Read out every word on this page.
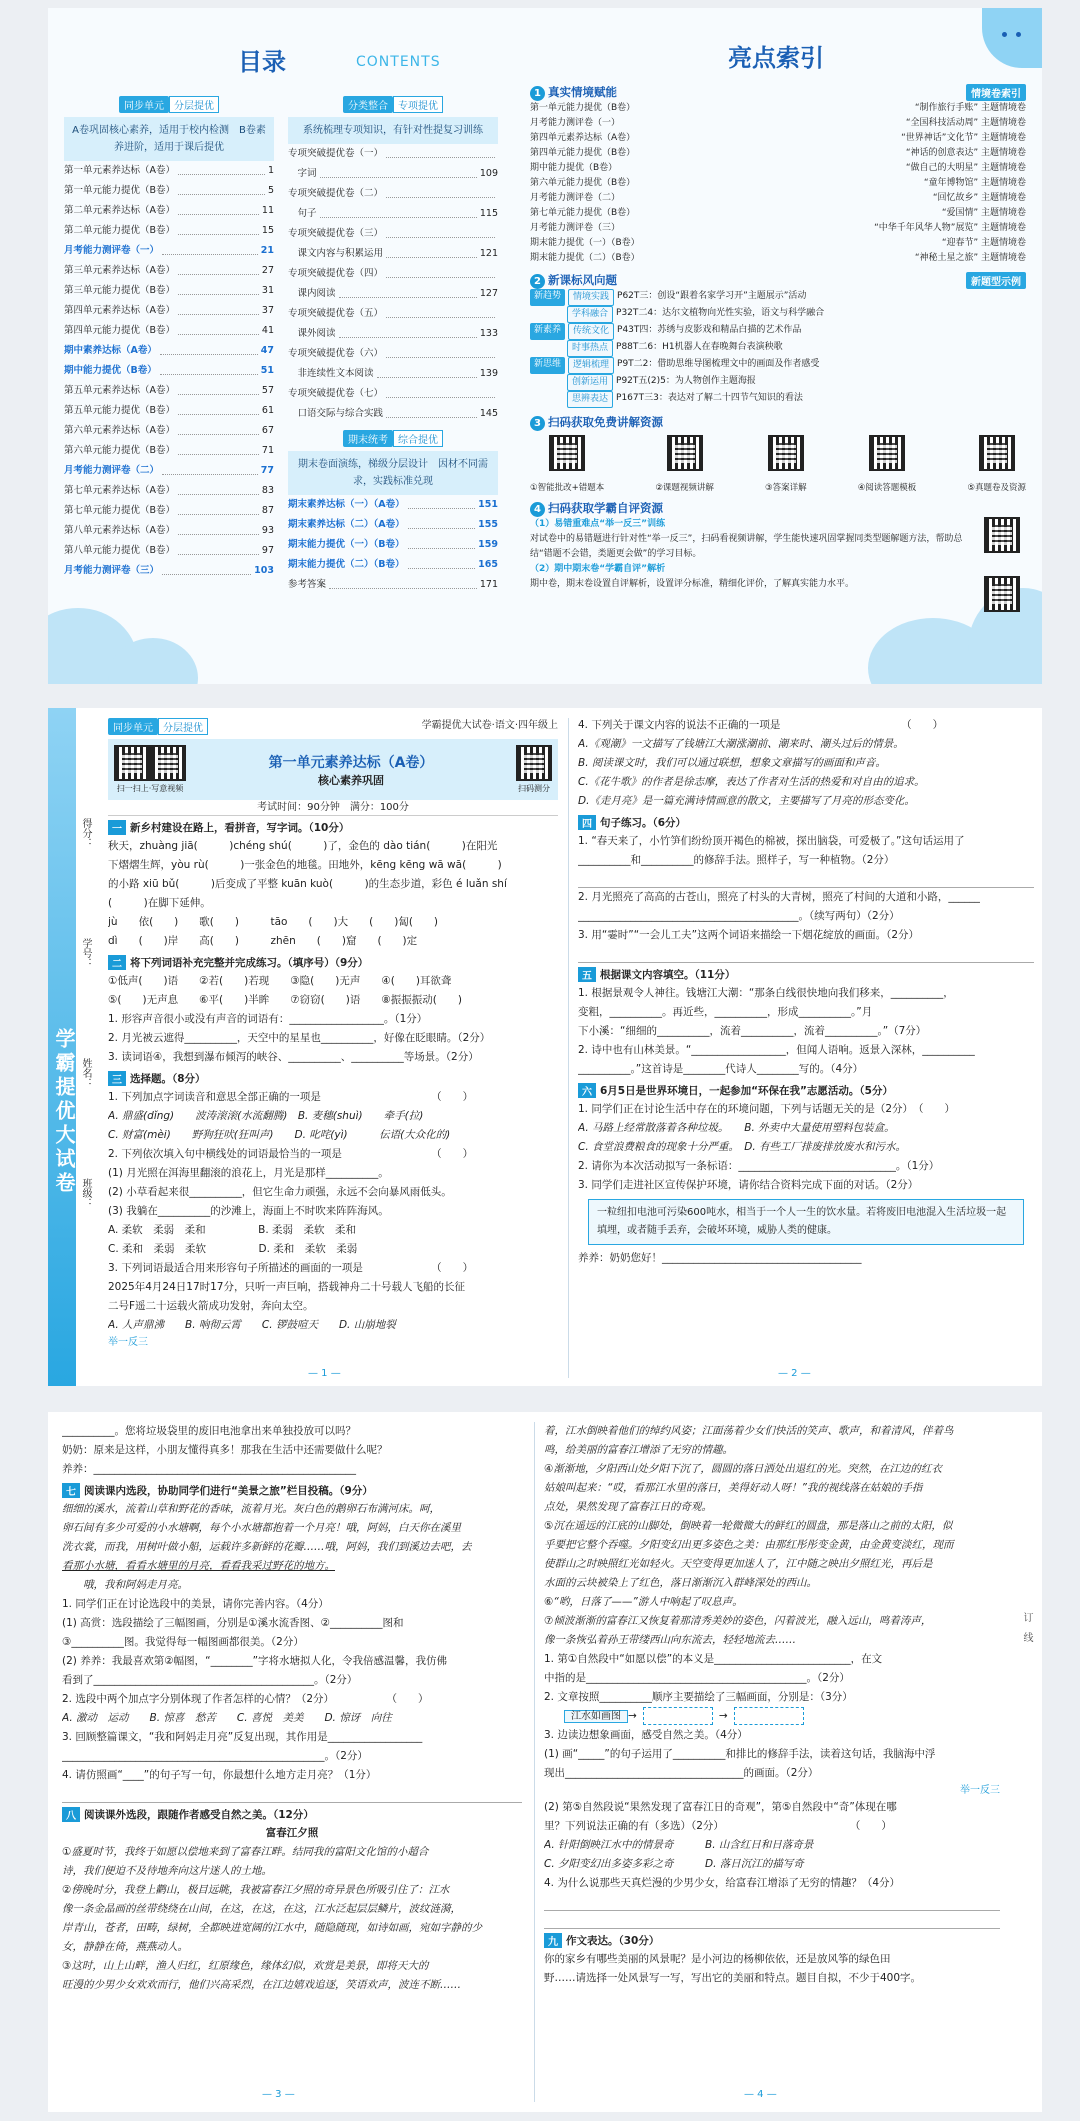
目录	CONTENTS	亮点索引
同步单元 分层提优
A卷巩固核心素养，适用于校内检测　B卷素养进阶，适用于课后提优
第一单元素养达标（A卷）	1
第一单元能力提优（B卷）	5
第二单元素养达标（A卷）	11
第二单元能力提优（B卷）	15
月考能力测评卷（一）	21
第三单元素养达标（A卷）	27
第三单元能力提优（B卷）	31
第四单元素养达标（A卷）	37
第四单元能力提优（B卷）	41
期中素养达标（A卷）	47
期中能力提优（B卷）	51
第五单元素养达标（A卷）	57
第五单元能力提优（B卷）	61
第六单元素养达标（A卷）	67
第六单元能力提优（B卷）	71
月考能力测评卷（二）	77
第七单元素养达标（A卷）	83
第七单元能力提优（B卷）	87
第八单元素养达标（A卷）	93
第八单元能力提优（B卷）	97
月考能力测评卷（三）	103
分类整合 专项提优
系统梳理专项知识，有针对性提复习训练
专项突破提优卷（一）
　字词	109
专项突破提优卷（二）
　句子	115
专项突破提优卷（三）
　课文内容与积累运用	121
专项突破提优卷（四）
　课内阅读	127
专项突破提优卷（五）
　课外阅读	133
专项突破提优卷（六）
　非连续性文本阅读	139
专项突破提优卷（七）
　口语交际与综合实践	145
期末统考 综合提优
期末卷面演练，梯级分层设计　因材不同需求，实践标准兑现
期末素养达标（一）（A卷）	151
期末素养达标（二）（A卷）	155
期末能力提优（一）（B卷）	159
期末能力提优（二）（B卷）	165
参考答案	171
1 真实情境赋能	情境卷索引
第一单元能力提优（B卷）	“制作旅行手账” 主题情境卷
月考能力测评卷（一）	“全国科技活动周” 主题情境卷
第四单元素养达标（A卷）	“世界神话”文化节” 主题情境卷
第四单元能力提优（B卷）	“神话的创意表达” 主题情境卷
期中能力提优（B卷）	“做自己的大明星” 主题情境卷
第六单元能力提优（B卷）	“童年博物馆” 主题情境卷
月考能力测评卷（二）	“回忆故乡” 主题情境卷
第七单元能力提优（B卷）	“爱国情” 主题情境卷
月考能力测评卷（三）	“中华千年风华人物”展览” 主题情境卷
期末能力提优（一）（B卷）	“迎春节” 主题情境卷
期末能力提优（二）（B卷）	“神秘土星之旅” 主题情境卷
2 新课标风向题	新题型示例
新趋势	情境实践 P62T三：创设“跟着名家学习开”主题展示”活动
学科融合 P32T二4：达尔文植物向光性实验，语文与科学融合
新素养	传统文化 P43T四：苏绣与皮影戏和精品白描的艺术作品
时事热点 P88T二6：H1机器人在春晚舞台表演秧歌
新思维	逻辑梳理 P9T二2：借助思维导图梳理文中的画面及作者感受
创新运用 P92T五(2)5：为人物创作主题海报
思辨表达 P167T三3：表达对了解二十四节气知识的看法
3 扫码获取免费讲解资源

①智能批改+错题本	②课题视频讲解	③答案详解	④阅读答题模板	⑤真题卷及资源
4 扫码获取学霸自评资源
（1）易错重难点“举一反三”训练
对试卷中的易错题进行针对性“举一反三”，扫码看视频讲解，学生能快速巩固掌握同类型题解题方法，帮助总结“错题不会错，类题更会做”的学习目标。
（2）期中期末卷“学霸自评”解析
期中卷，期末卷设置自评解析，设置评分标准，精细化评价，了解真实能力水平。

学霸提优大试卷
得分：
学号：
姓名：
班级：
同步单元 分层提优	学霸提优大试卷·语文·四年级上
扫一扫上·写意视频
第一单元素养达标（A卷）
核心素养巩固
扫码测分
考试时间：90分钟　满分：100分
一 新乡村建设在路上，看拼音，写字词。（10分）
秋天，zhuàng jiā(　　　)chéng shú(　　　)了，金色的 dào tián(　　　)在阳光
下熠熠生辉，yòu rù(　　　)一张金色的地毯。田地外，kēng kēng wā wā(　　　)
的小路 xiū bǔ(　　　)后变成了平整 kuān kuò(　　　)的生态步道，彩色 é luǎn shí
(　　　)在脚下延伸。
jù　　依(　　)　　歌(　　)　　　tāo　　(　　)大　　(　　)匐(　　)
dì　　(　　)岸　　高(　　)　　　zhēn　　(　　)窟　　(　　)定
二 将下列词语补充完整并完成练习。（填序号）（9分）
①低声(　　)语　　②若(　　)若现　　③隐(　　)无声　　④(　　)耳欲聋
⑤(　　)无声息　　⑥平(　　)半眸　　⑦窃窃(　　)语　　⑧振振振动(　　)
1. 形容声音很小或没有声音的词语有：__________________。（1分）
2. 月光被云遮得__________，天空中的星星也__________，好像在眨眼睛。（2分）
3. 读词语④，我想到瀑布倾泻的峡谷、__________、__________等场景。（2分）
三 选择题。（8分）
1. 下列加点字词读音和意思全部正确的一项是　　　　　　　　　　　（　　）
A. 鼎盛(dǐng)　　波涛滚滚(水流翻腾)　B. 麦穗(shuì)　　牵手(拉)
C. 财富(mèi)　　野狗狂吠(狂叫声)　　D. 叱咤(yì)　　　伝语(大众化的)
2. 下列依次填入句中横线处的词语最恰当的一项是　　　　　　　　　（　　）
(1) 月光照在洱海里翻滚的浪花上，月光是那样__________。
(2) 小草看起来很__________，但它生命力顽强，永远不会向暴风雨低头。
(3) 我躺在__________的沙滩上，海面上不时吹来阵阵海风。
A. 柔软　柔弱　柔和　　　　　B. 柔弱　柔软　柔和
C. 柔和　柔弱　柔软　　　　　D. 柔和　柔软　柔弱
3. 下列词语最适合用来形容句子所描述的画面的一项是　　　　　　　（　　）
2025年4月24日17时17分，只听一声巨响，搭载神舟二十号载人飞船的长征
二号F遥二十运载火箭成功发射，奔向太空。
A. 人声鼎沸　　B. 响彻云霄　　C. 锣鼓喧天　　D. 山崩地裂
举一反三
— 1 —
4. 下列关于课文内容的说法不正确的一项是　　　　　　　　　　　　（　　）
A.《观潮》一文描写了钱塘江大潮涨潮前、潮来时、潮头过后的情景。
B. 阅读课文时，我们可以通过联想，想象文章描写的画面和声音。
C.《花牛歌》的作者是徐志摩，表达了作者对生活的热爱和对自由的追求。
D.《走月亮》是一篇充满诗情画意的散文，主要描写了月亮的形态变化。
四 句子练习。（6分）
1. “春天来了，小竹笋们纷纷顶开褐色的棉被，探出脑袋，可爱极了。”这句话运用了
__________和__________的修辞手法。照样子，写一种植物。（2分）
2. 月光照亮了高高的古苍山，照亮了村头的大青树，照亮了村间的大道和小路，______
__________________________________________。（续写两句）（2分）
3. 用“霎时”“一会儿工夫”这两个词语来描绘一下烟花绽放的画面。（2分）
五 根据课文内容填空。（11分）
1. 根据景观令人神往。钱塘江大潮：“那条白线很快地向我们移来，__________，
变粗，__________。再近些，__________，形成__________。”月
下小溪：“细细的__________，流着__________，流着__________。”（7分）
2. 诗中也有山林美景。“__________________，但闻人语响。返景入深林，__________
__________。”这首诗是________代诗人________写的。（4分）
六 6月5日是世界环境日，一起参加“环保在我”志愿活动。（5分）
1. 同学们正在讨论生活中存在的环境问题，下列与话题无关的是（2分）　（　　）
A. 马路上经常散落着各种垃圾。　　B. 外卖中大量使用塑料包装盒。
C. 食堂浪费粮食的现象十分严重。　D. 有些工厂排废排放废水和污水。
2. 请你为本次活动拟写一条标语：______________________________。（1分）
3. 同学们走进社区宣传保护环境，请你结合资料完成下面的对话。（2分）
一粒纽扣电池可污染600吨水，相当于一个人一生的饮水量。若将废旧电池混入生活垃圾一起填埋，或者随手丢弃，会破坏环境，威胁人类的健康。
养养：奶奶您好！______________________________________
— 2 —
__________。您将垃圾袋里的废旧电池拿出来单独投放可以吗？
奶奶：原来是这样，小朋友懂得真多！那我在生活中还需要做什么呢？
养养：__________________________________________________
七 阅读课内选段，协助同学们进行“美景之旅”栏目投稿。（9分）
细细的溪水，流着山草和野花的香味，流着月光。灰白色的鹅卵石布满河床。呵，
卵石间有多少可爱的小水塘啊，每个小水塘都抱着一个月亮！哦，阿妈，白天你在溪里
洗衣裳，而我，用树叶做小船，运载许多新鲜的花瓣……哦，阿妈，我们到溪边去吧，去
看那小水塘，看看水塘里的月亮，看看我采过野花的地方。
　　哦，我和阿妈走月亮。
1. 同学们正在讨论选段中的美景，请你完善内容。（4分）
(1) 高赏：选段描绘了三幅图画，分别是①溪水流香图、②__________图和
③__________图。我觉得每一幅图画都很美。（2分）
(2) 养养：我最喜欢第②幅图，“________”字将水塘拟人化，令我倍感温馨，我仿佛
看到了__________________________________________。（2分）
2. 选段中两个加点字分别体现了作者怎样的心情？（2分）　　　　　　（　　）
A. 激动　运动　　B. 惊喜　愁苦　　C. 喜悦　美美　　D. 惊讶　向往
3. 回顾整篇课文，“我和阿妈走月亮”反复出现，其作用是__________________
__________________________________________________。（2分）
4. 请仿照画“____”的句子写一句，你最想什么地方走月亮？（1分）
八 阅读课外选段，跟随作者感受自然之美。（12分）
富春江夕照
①盛夏时节，我终于如愿以偿地来到了富春江畔。结同我的富阳文化馆的小超合
诗，我们便迫不及待地奔向这片迷人的土地。
②傍晚时分，我登上鹳山，极目远眺，我被富春江夕照的奇异景色所吸引住了：江水
像一条金晶画的丝带绕绕在山间，在这，在这，在这，江水泛起层层鳞片，波纹涟漪，
岸青山，苍者，田畴，绿树，全都映进宽阔的江水中，随隐随现，如诗如画，宛如字静的少
女，静静在倚，燕燕动人。
③这时，山上山畔，渔人归红，红原缘色，缘体幻似，欢赏是美景，即将天大的
旺漫的少男少女欢欢而行，他们兴高采烈，在江边嬉戏追逐，笑语欢声，波连不断……
— 3 —
着，江水倒映着他们的绰约风姿；江面荡着少女们快活的笑声、歌声，和着清风，伴着鸟
鸣，给美丽的富春江增添了无穷的情趣。
④渐渐地，夕阳西山处夕阳下沉了，圆圆的落日洒处出退红的光。突然，在江边的红衣
姑娘叫起来：“哎，看那江水里的落日，美得好动人呀！”我的视线落在姑娘的手指
点处，果然发现了富春江日的奇观。
⑤沉在遥远的江底的山脚处，倒映着一轮微微大的鲜红的圆盘，那是落山之前的太阳，似
乎要把它整个吞噬。夕阳变幻出更多姿色之美：由那红彤彤变金黄，由金黄变淡红，现而
使群山之时映照红光如轻火。天空变得更加迷人了，江中随之映出夕照红光，再后是
水面的云块被染上了红色，落日渐渐沉入群峰深处的西山。
⑥“哟，日落了——”游人中响起了叹息声。
⑦倾波渐渐的富春江又恢复着那清秀美妙的姿色，闪着波光，融入远山，鸣着涛声，
像一条恢弘着孙王带缕西山向东流去，轻轻地流去……
1. 第①自然段中“如愿以偿”的本义是__________________________，在文
中指的是__________________________________________。（2分）
2. 文章按照__________顺序主要描绘了三幅画面，分别是：（3分）
江水如画图 →	→
3. 边读边想象画面，感受自然之美。（4分）
(1) 画“_____”的句子运用了__________和排比的修辞手法，读着这句话，我脑海中浮
现出__________________________________的画面。（2分）
举一反三
(2) 第⑤自然段说“果然发现了富春江日的奇观”，第⑤自然段中“奇”体现在哪
里？下列说法正确的有（多选）（2分）　　　　　　　　　　　　　（　　）
A. 针阳倒映江水中的情景奇　　　B. 山含红日和日落奇景
C. 夕阳变幻出多姿多彩之奇　　　D. 落日沉江的描写奇
4. 为什么说那些天真烂漫的少男少女，给富春江增添了无穷的情趣？（4分）
九 作文表达。（30分）
你的家乡有哪些美丽的风景呢？是小河边的杨柳依依，还是放风筝的绿色田
野……请选择一处风景写一写，写出它的美丽和特点。题目自拟，不少于400字。
— 4 —
订　线
